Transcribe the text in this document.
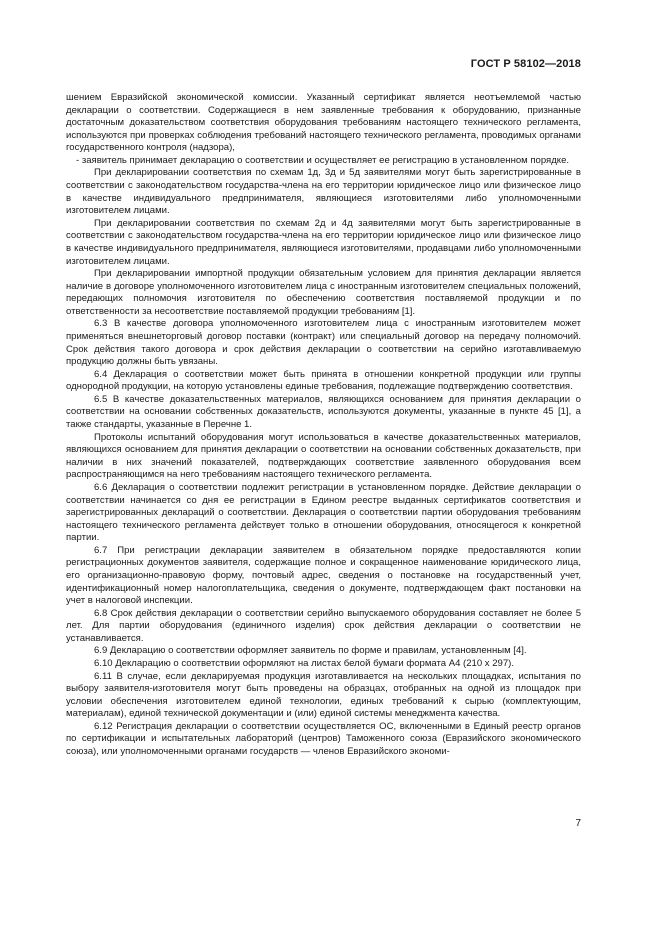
ГОСТ Р 58102—2018

шением Евразийской экономической комиссии. Указанный сертификат является неотъемлемой частью декларации о соответствии. Содержащиеся в нем заявленные требования к оборудованию, признанные достаточным доказательством соответствия оборудования требованиям настоящего технического регламента, используются при проверках соблюдения требований настоящего технического регламента, проводимых органами государственного контроля (надзора),

- заявитель принимает декларацию о соответствии и осуществляет ее регистрацию в установленном порядке.

При декларировании соответствия по схемам 1д, 3д и 5д заявителями могут быть зарегистрированные в соответствии с законодательством государства-члена на его территории юридическое лицо или физическое лицо в качестве индивидуального предпринимателя, являющиеся изготовителями либо уполномоченными изготовителем лицами.

При декларировании соответствия по схемам 2д и 4д заявителями могут быть зарегистрированные в соответствии с законодательством государства-члена на его территории юридическое лицо или физическое лицо в качестве индивидуального предпринимателя, являющиеся изготовителями, продавцами либо уполномоченными изготовителем лицами.

При декларировании импортной продукции обязательным условием для принятия декларации является наличие в договоре уполномоченного изготовителем лица с иностранным изготовителем специальных положений, передающих полномочия изготовителя по обеспечению соответствия поставляемой продукции и по ответственности за несоответствие поставляемой продукции требованиям [1].

6.3 В качестве договора уполномоченного изготовителем лица с иностранным изготовителем может применяться внешнеторговый договор поставки (контракт) или специальный договор на передачу полномочий. Срок действия такого договора и срок действия декларации о соответствии на серийно изготавливаемую продукцию должны быть увязаны.

6.4 Декларация о соответствии может быть принята в отношении конкретной продукции или группы однородной продукции, на которую установлены единые требования, подлежащие подтверждению соответствия.

6.5 В качестве доказательственных материалов, являющихся основанием для принятия декларации о соответствии на основании собственных доказательств, используются документы, указанные в пункте 45 [1], а также стандарты, указанные в Перечне 1.

Протоколы испытаний оборудования могут использоваться в качестве доказательственных материалов, являющихся основанием для принятия декларации о соответствии на основании собственных доказательств, при наличии в них значений показателей, подтверждающих соответствие заявленного оборудования всем распространяющимся на него требованиям настоящего технического регламента.

6.6 Декларация о соответствии подлежит регистрации в установленном порядке. Действие декларации о соответствии начинается со дня ее регистрации в Едином реестре выданных сертификатов соответствия и зарегистрированных деклараций о соответствии. Декларация о соответствии партии оборудования требованиям настоящего технического регламента действует только в отношении оборудования, относящегося к конкретной партии.

6.7 При регистрации декларации заявителем в обязательном порядке предоставляются копии регистрационных документов заявителя, содержащие полное и сокращенное наименование юридического лица, его организационно-правовую форму, почтовый адрес, сведения о постановке на государственный учет, идентификационный номер налогоплательщика, сведения о документе, подтверждающем факт постановки на учет в налоговой инспекции.

6.8 Срок действия декларации о соответствии серийно выпускаемого оборудования составляет не более 5 лет. Для партии оборудования (единичного изделия) срок действия декларации о соответствии не устанавливается.

6.9 Декларацию о соответствии оформляет заявитель по форме и правилам, установленным [4].

6.10 Декларацию о соответствии оформляют на листах белой бумаги формата А4 (210 х 297).

6.11 В случае, если декларируемая продукция изготавливается на нескольких площадках, испытания по выбору заявителя-изготовителя могут быть проведены на образцах, отобранных на одной из площадок при условии обеспечения изготовителем единой технологии, единых требований к сырью (комплектующим, материалам), единой технической документации и (или) единой системы менеджмента качества.

6.12 Регистрация декларации о соответствии осуществляется ОС, включенными в Единый реестр органов по сертификации и испытательных лабораторий (центров) Таможенного союза (Евразийского экономического союза), или уполномоченными органами государств — членов Евразийского экономи-

7
